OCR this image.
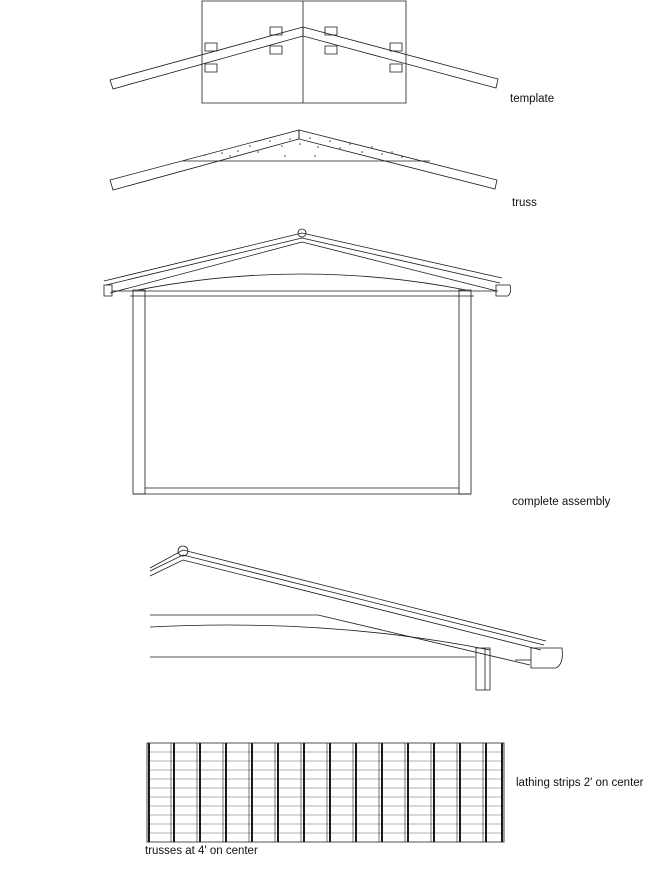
template
truss
complete assembly
lathing strips 2' on center
trusses at 4' on center
